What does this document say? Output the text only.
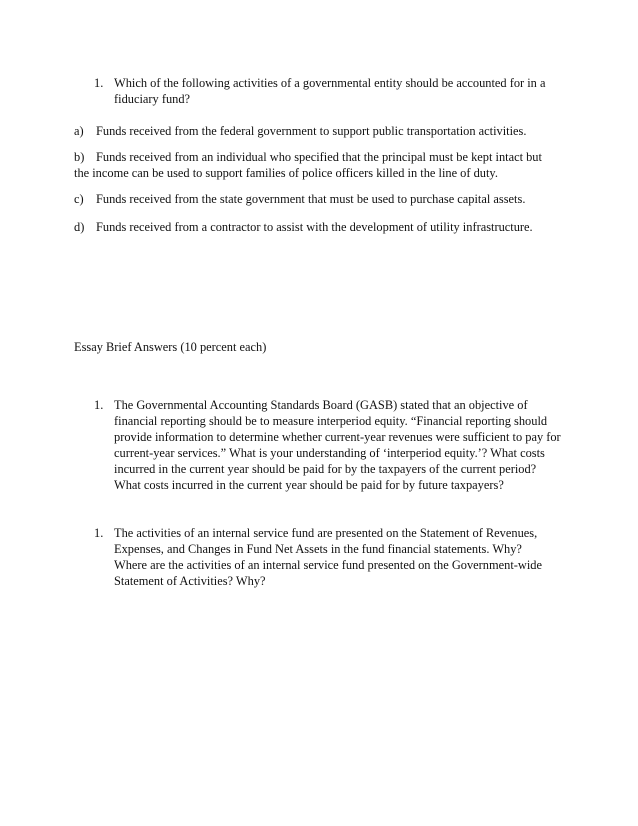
1. Which of the following activities of a governmental entity should be accounted for in a fiduciary fund?

a) Funds received from the federal government to support public transportation activities.

b) Funds received from an individual who specified that the principal must be kept intact but the income can be used to support families of police officers killed in the line of duty.

c) Funds received from the state government that must be used to purchase capital assets.

d) Funds received from a contractor to assist with the development of utility infrastructure.

Essay Brief Answers (10 percent each)

1. The Governmental Accounting Standards Board (GASB) stated that an objective of financial reporting should be to measure interperiod equity. “Financial reporting should provide information to determine whether current-year revenues were sufficient to pay for current-year services.” What is your understanding of ‘interperiod equity.’? What costs incurred in the current year should be paid for by the taxpayers of the current period? What costs incurred in the current year should be paid for by future taxpayers?
1. The activities of an internal service fund are presented on the Statement of Revenues, Expenses, and Changes in Fund Net Assets in the fund financial statements. Why? Where are the activities of an internal service fund presented on the Government-wide Statement of Activities? Why?
